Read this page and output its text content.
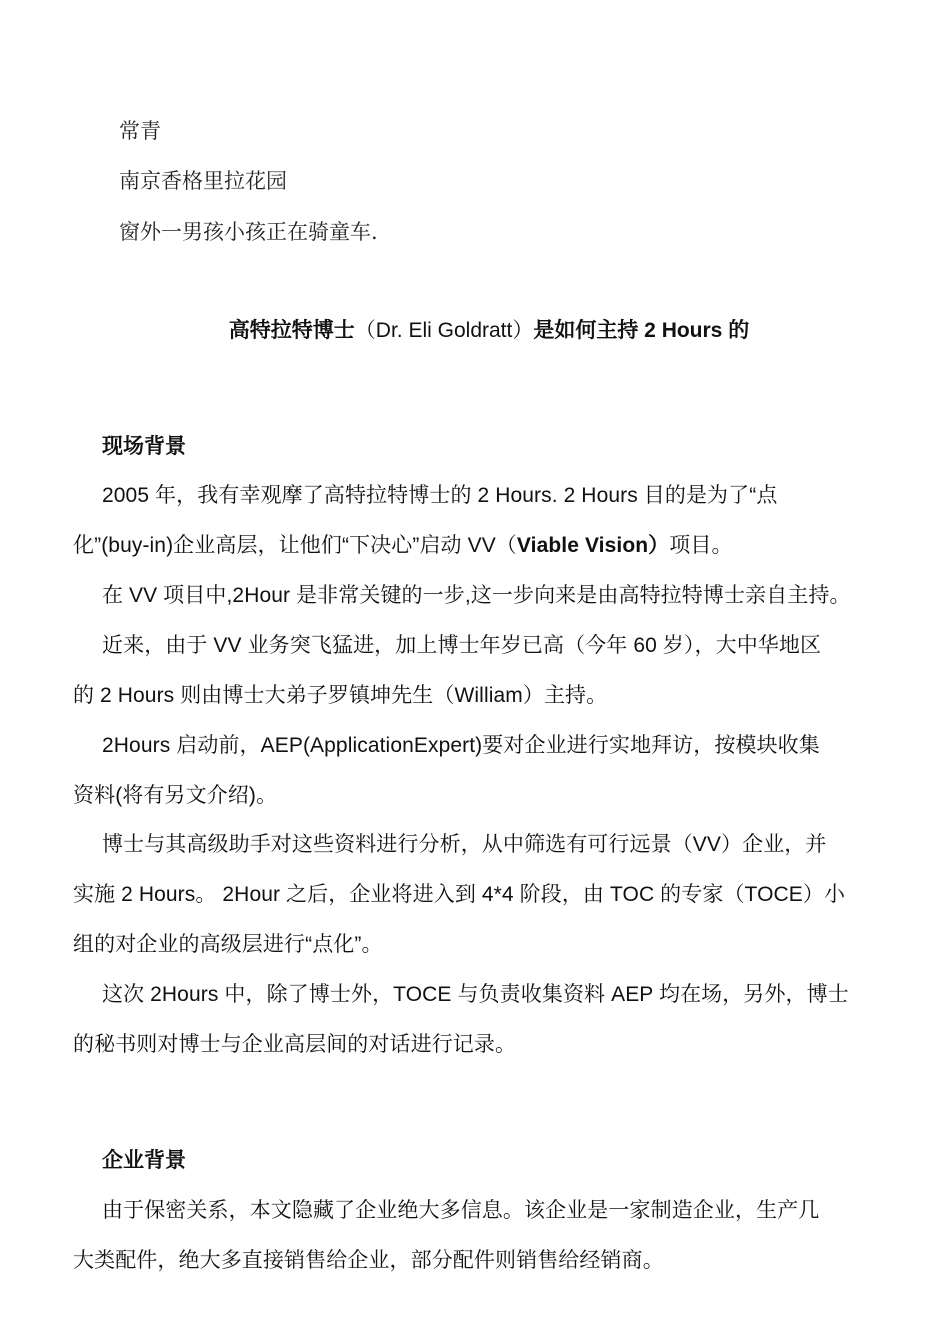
常青
南京香格里拉花园
窗外一男孩小孩正在骑童车.
高特拉特博士（Dr. Eli Goldratt）是如何主持 2 Hours 的
现场背景
2005 年，我有幸观摩了高特拉特博士的 2 Hours. 2 Hours 目的是为了“点
化”(buy-in)企业高层，让他们“下决心”启动 VV（Viable Vision）项目。
在 VV 项目中,2Hour 是非常关键的一步,这一步向来是由高特拉特博士亲自主持。
近来，由于 VV 业务突飞猛进，加上博士年岁已高（今年 60 岁），大中华地区
的 2 Hours 则由博士大弟子罗镇坤先生（William）主持。
2Hours 启动前，AEP(ApplicationExpert)要对企业进行实地拜访，按模块收集
资料(将有另文介绍)。
博士与其高级助手对这些资料进行分析，从中筛选有可行远景（VV）企业，并
实施 2 Hours。 2Hour 之后，企业将进入到 4*4 阶段，由 TOC 的专家（TOCE）小
组的对企业的高级层进行“点化”。
这次 2Hours 中，除了博士外，TOCE 与负责收集资料 AEP 均在场，另外，博士
的秘书则对博士与企业高层间的对话进行记录。
企业背景
由于保密关系，本文隐藏了企业绝大多信息。该企业是一家制造企业，生产几
大类配件，绝大多直接销售给企业，部分配件则销售给经销商。
